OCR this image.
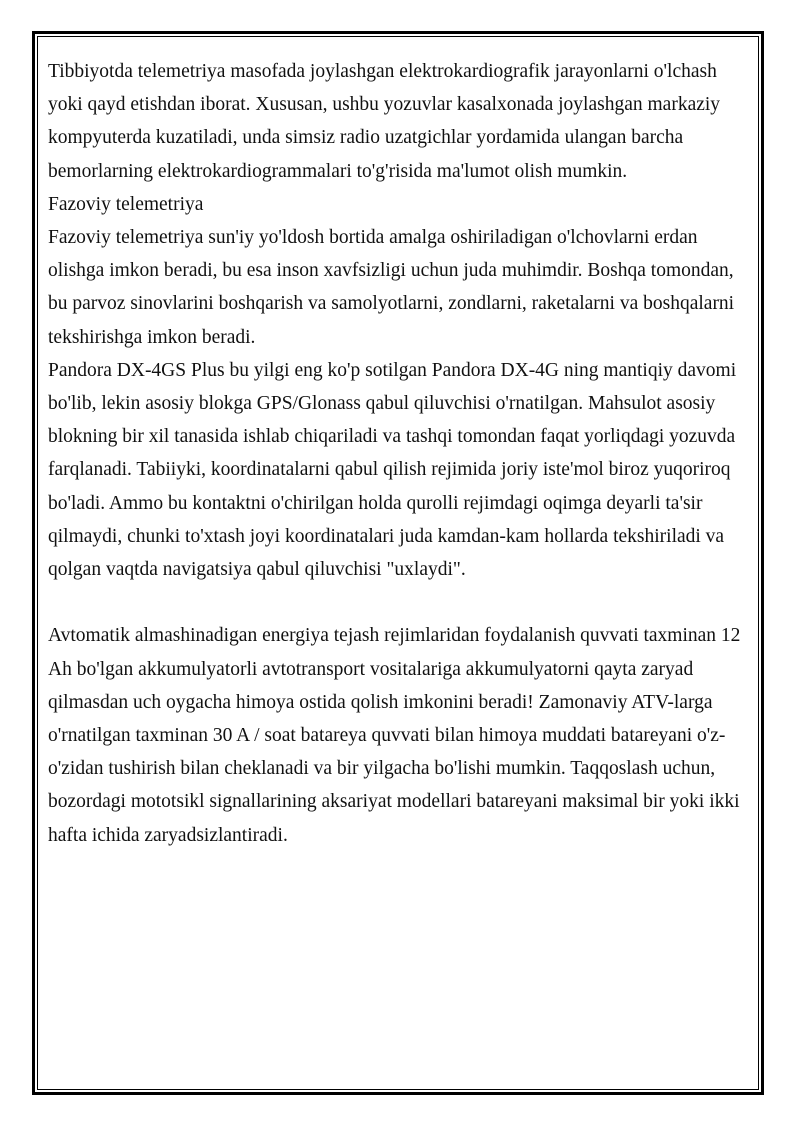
Tibbiyotda telemetriya masofada joylashgan elektrokardiografik jarayonlarni o'lchash yoki qayd etishdan iborat. Xususan, ushbu yozuvlar kasalxonada joylashgan markaziy kompyuterda kuzatiladi, unda simsiz radio uzatgichlar yordamida ulangan barcha bemorlarning elektrokardiogrammalari to'g'risida ma'lumot olish mumkin.

Fazoviy telemetriya

Fazoviy telemetriya sun'iy yo'ldosh bortida amalga oshiriladigan o'lchovlarni erdan olishga imkon beradi, bu esa inson xavfsizligi uchun juda muhimdir. Boshqa tomondan, bu parvoz sinovlarini boshqarish va samolyotlarni, zondlarni, raketalarni va boshqalarni tekshirishga imkon beradi.

Pandora DX-4GS Plus bu yilgi eng ko'p sotilgan Pandora DX-4G ning mantiqiy davomi bo'lib, lekin asosiy blokga GPS/Glonass qabul qiluvchisi o'rnatilgan. Mahsulot asosiy blokning bir xil tanasida ishlab chiqariladi va tashqi tomondan faqat yorliqdagi yozuvda farqlanadi. Tabiiyki, koordinatalarni qabul qilish rejimida joriy iste'mol biroz yuqoriroq bo'ladi. Ammo bu kontaktni o'chirilgan holda qurolli rejimdagi oqimga deyarli ta'sir qilmaydi, chunki to'xtash joyi koordinatalari juda kamdan-kam hollarda tekshiriladi va qolgan vaqtda navigatsiya qabul qiluvchisi "uxlaydi".

Avtomatik almashinadigan energiya tejash rejimlaridan foydalanish quvvati taxminan 12 Ah bo'lgan akkumulyatorli avtotransport vositalariga akkumulyatorni qayta zaryad qilmasdan uch oygacha himoya ostida qolish imkonini beradi! Zamonaviy ATV-larga o'rnatilgan taxminan 30 A / soat batareya quvvati bilan himoya muddati batareyani o'z-o'zidan tushirish bilan cheklanadi va bir yilgacha bo'lishi mumkin. Taqqoslash uchun, bozordagi mototsikl signallarining aksariyat modellari batareyani maksimal bir yoki ikki hafta ichida zaryadsizlantiradi.
